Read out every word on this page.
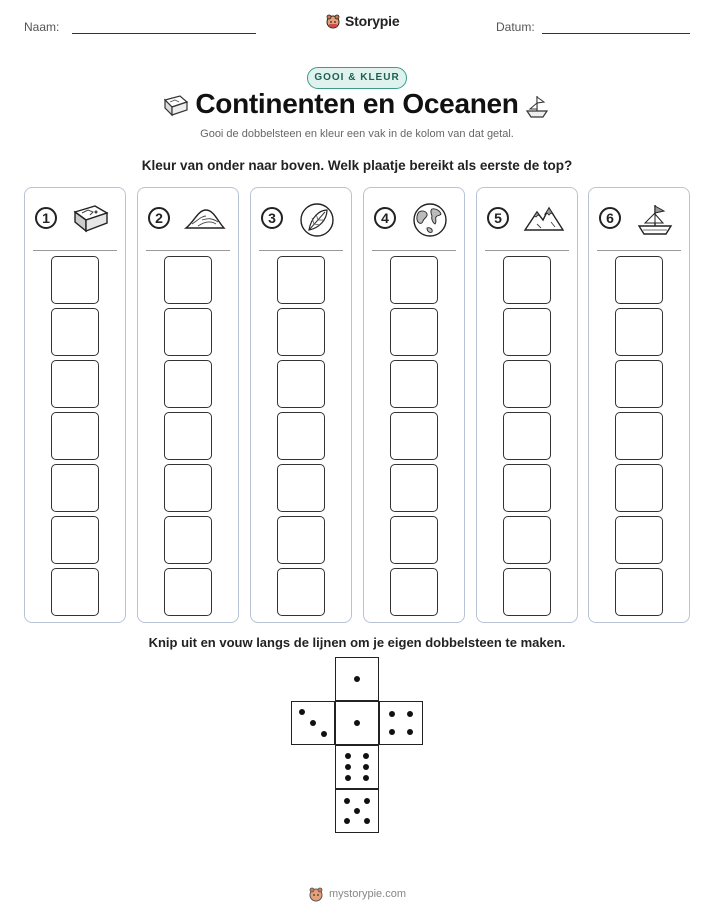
Naam:	Storypie	Datum:
GOOI & KLEUR
Continenten en Oceanen
Gooi de dobbelsteen en kleur een vak in de kolom van dat getal.
Kleur van onder naar boven. Welk plaatje bereikt als eerste de top?
1	2	3	4	5	6
Knip uit en vouw langs de lijnen om je eigen dobbelsteen te maken.
mystorypie.com
